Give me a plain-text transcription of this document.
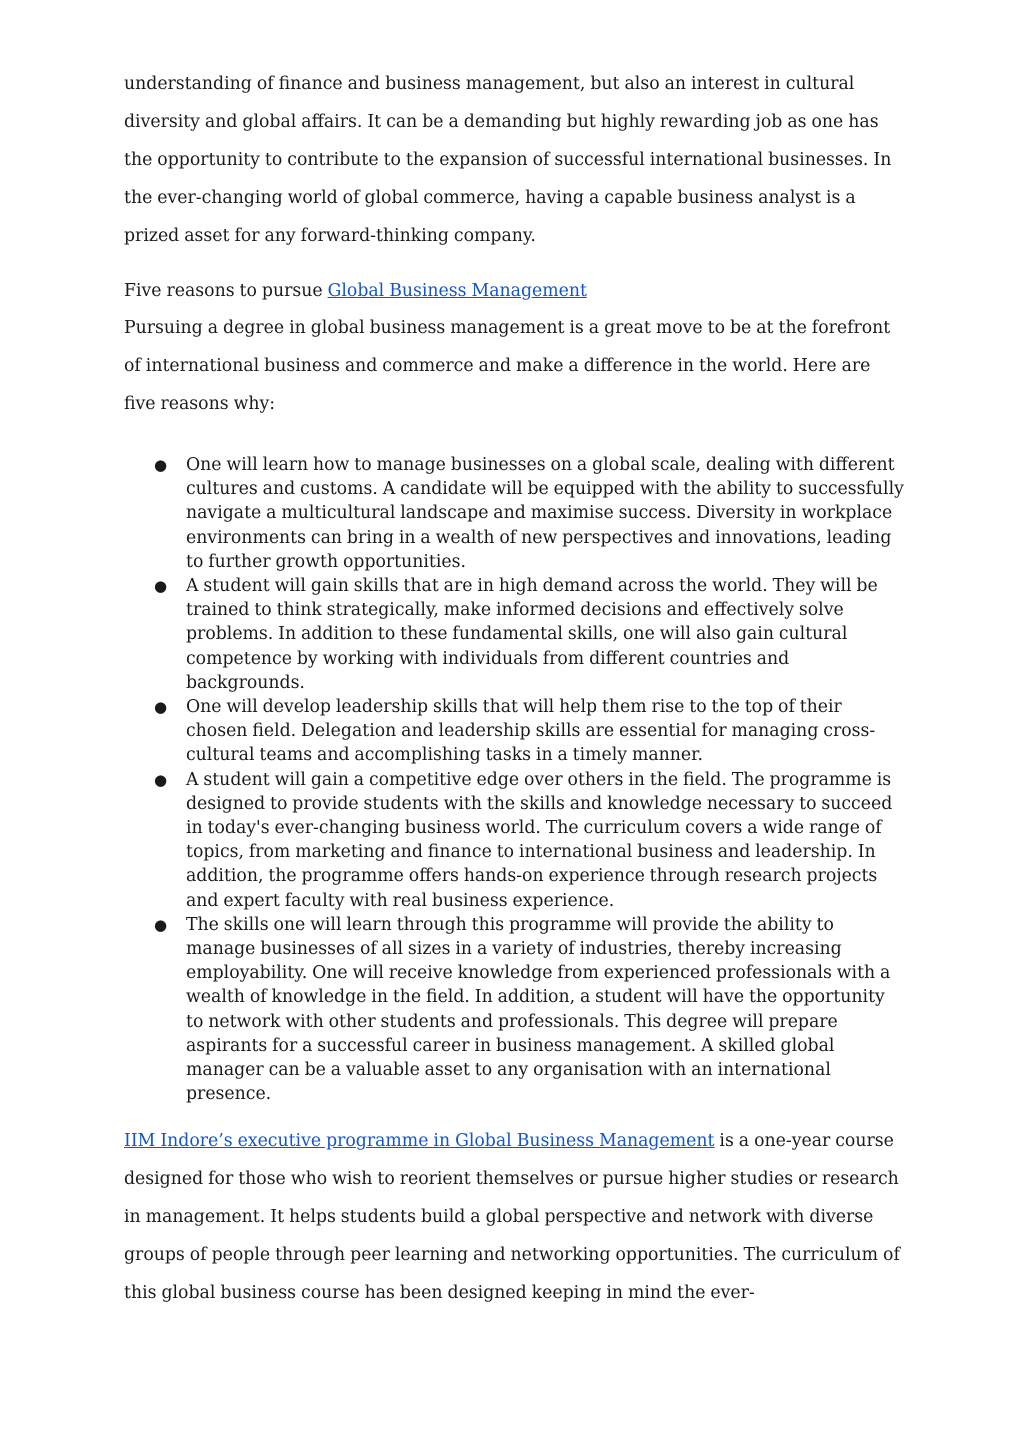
understanding of finance and business management, but also an interest in cultural diversity and global affairs. It can be a demanding but highly rewarding job as one has the opportunity to contribute to the expansion of successful international businesses. In the ever-changing world of global commerce, having a capable business analyst is a prized asset for any forward-thinking company.

Five reasons to pursue Global Business Management

Pursuing a degree in global business management is a great move to be at the forefront of international business and commerce and make a difference in the world. Here are five reasons why:

● One will learn how to manage businesses on a global scale, dealing with different cultures and customs. A candidate will be equipped with the ability to successfully navigate a multicultural landscape and maximise success. Diversity in workplace environments can bring in a wealth of new perspectives and innovations, leading to further growth opportunities.
● A student will gain skills that are in high demand across the world. They will be trained to think strategically, make informed decisions and effectively solve problems. In addition to these fundamental skills, one will also gain cultural competence by working with individuals from different countries and backgrounds.
● One will develop leadership skills that will help them rise to the top of their chosen field. Delegation and leadership skills are essential for managing cross-cultural teams and accomplishing tasks in a timely manner.
● A student will gain a competitive edge over others in the field. The programme is designed to provide students with the skills and knowledge necessary to succeed in today's ever-changing business world. The curriculum covers a wide range of topics, from marketing and finance to international business and leadership. In addition, the programme offers hands-on experience through research projects and expert faculty with real business experience.
● The skills one will learn through this programme will provide the ability to manage businesses of all sizes in a variety of industries, thereby increasing employability. One will receive knowledge from experienced professionals with a wealth of knowledge in the field. In addition, a student will have the opportunity to network with other students and professionals. This degree will prepare aspirants for a successful career in business management. A skilled global manager can be a valuable asset to any organisation with an international presence.

IIM Indore’s executive programme in Global Business Management is a one-year course designed for those who wish to reorient themselves or pursue higher studies or research in management. It helps students build a global perspective and network with diverse groups of people through peer learning and networking opportunities. The curriculum of this global business course has been designed keeping in mind the ever-
